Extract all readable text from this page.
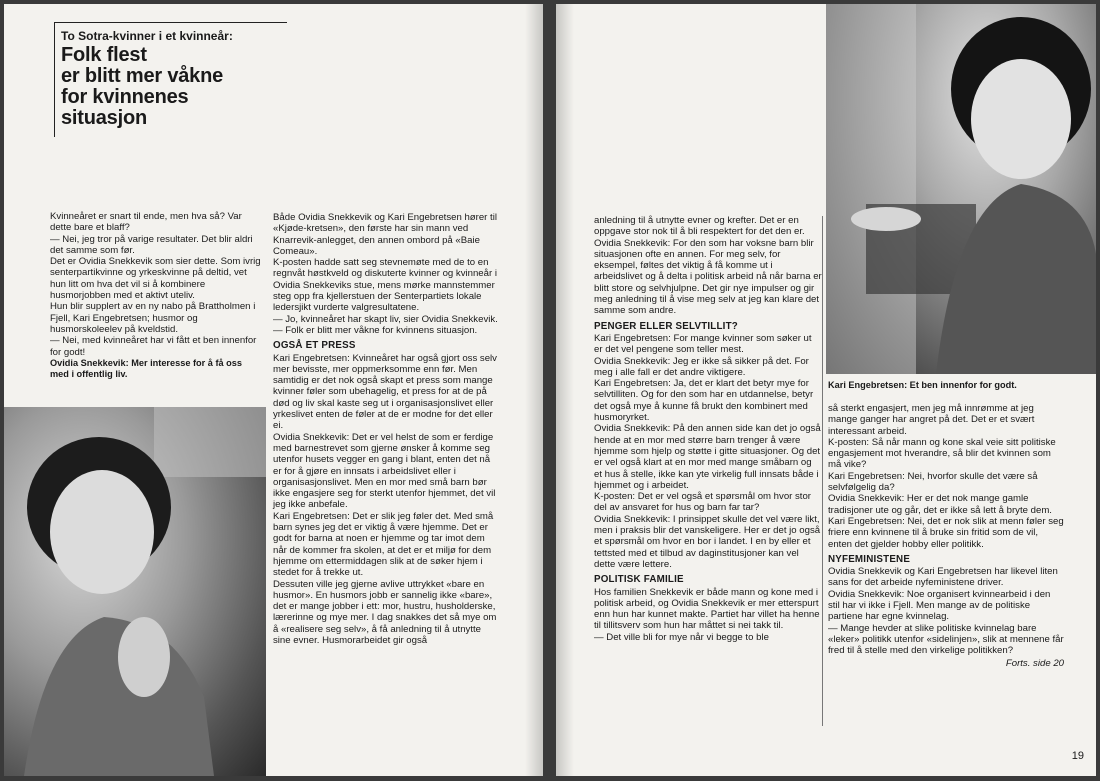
To Sotra-kvinner i et kvinneår:

Folk flest
er blitt mer våkne
for kvinnenes
situasjon

Kvinneåret er snart til ende, men hva så? Var dette bare et blaff?

— Nei, jeg tror på varige resultater. Det blir aldri det samme som før.

Det er Ovidia Snekkevik som sier dette. Som ivrig senterpartikvinne og yrkeskvinne på deltid, vet hun litt om hva det vil si å kombinere husmorjobben med et aktivt uteliv.

Hun blir supplert av en ny nabo på Brattholmen i Fjell, Kari Engebretsen; husmor og husmorskoleelev på kveldstid.

— Nei, med kvinneåret har vi fått et ben innenfor for godt!

Ovidia Snekkevik: Mer interesse for å få oss med i offentlig liv.

Både Ovidia Snekkevik og Kari Engebretsen hører til «Kjøde-kretsen», den første har sin mann ved Knarrevik-anlegget, den annen ombord på «Baie Comeau».

K-posten hadde satt seg stevnemøte med de to en regnvåt høstkveld og diskuterte kvinner og kvinneår i Ovidia Snekkeviks stue, mens mørke mannstemmer steg opp fra kjellerstuen der Senterpartiets lokale ledersjikt vurderte valgresultatene.

— Jo, kvinneåret har skapt liv, sier Ovidia Snekkevik. — Folk er blitt mer våkne for kvinnens situasjon.

OGSÅ ET PRESS

Kari Engebretsen: Kvinneåret har også gjort oss selv mer bevisste, mer oppmerksomme enn før. Men samtidig er det nok også skapt et press som mange kvinner føler som ubehagelig, et press for at de på død og liv skal kaste seg ut i organisasjonslivet eller yrkeslivet enten de føler at de er modne for det eller ei.

Ovidia Snekkevik: Det er vel helst de som er ferdige med barnestrevet som gjerne ønsker å komme seg utenfor husets vegger en gang i blant, enten det nå er for å gjøre en innsats i arbeidslivet eller i organisasjonslivet. Men en mor med små barn bør ikke engasjere seg for sterkt utenfor hjemmet, det vil jeg ikke anbefale.

Kari Engebretsen: Det er slik jeg føler det. Med små barn synes jeg det er viktig å være hjemme. Det er godt for barna at noen er hjemme og tar imot dem når de kommer fra skolen, at det er et miljø for dem hjemme om ettermiddagen slik at de søker hjem i stedet for å trekke ut.

Dessuten ville jeg gjerne avlive uttrykket «bare en husmor». En husmors jobb er sannelig ikke «bare», det er mange jobber i ett: mor, hustru, husholderske, lærerinne og mye mer. I dag snakkes det så mye om å «realisere seg selv», å få anledning til å utnytte sine evner. Husmorarbeidet gir også

anledning til å utnytte evner og krefter. Det er en oppgave stor nok til å bli respektert for det den er.

Ovidia Snekkevik: For den som har voksne barn blir situasjonen ofte en annen. For meg selv, for eksempel, føltes det viktig å få komme ut i arbeidslivet og å delta i politisk arbeid nå når barna er blitt store og selvhjulpne. Det gir nye impulser og gir meg anledning til å vise meg selv at jeg kan klare det samme som andre.

PENGER ELLER SELVTILLIT?

Kari Engebretsen: For mange kvinner som søker ut er det vel pengene som teller mest.

Ovidia Snekkevik: Jeg er ikke så sikker på det. For meg i alle fall er det andre viktigere.

Kari Engebretsen: Ja, det er klart det betyr mye for selvtilliten. Og for den som har en utdannelse, betyr det også mye å kunne få brukt den kombinert med husmoryrket.

Ovidia Snekkevik: På den annen side kan det jo også hende at en mor med større barn trenger å være hjemme som hjelp og støtte i gitte situasjoner. Og det er vel også klart at en mor med mange småbarn og et hus å stelle, ikke kan yte virkelig full innsats både i hjemmet og i arbeidet.

K-posten: Det er vel også et spørsmål om hvor stor del av ansvaret for hus og barn far tar?

Ovidia Snekkevik: I prinsippet skulle det vel være likt, men i praksis blir det vanskeligere. Her er det jo også et spørsmål om hvor en bor i landet. I en by eller et tettsted med et tilbud av daginstitusjoner kan vel dette være lettere.

POLITISK FAMILIE

Hos familien Snekkevik er både mann og kone med i politisk arbeid, og Ovidia Snekkevik er mer etterspurt enn hun har kunnet makte. Partiet har villet ha henne til tillitsverv som hun har måttet si nei takk til.

— Det ville bli for mye når vi begge to ble

Kari Engebretsen: Et ben innenfor for godt.

så sterkt engasjert, men jeg må innrømme at jeg mange ganger har angret på det. Det er et svært interessant arbeid.

K-posten: Så når mann og kone skal veie sitt politiske engasjement mot hverandre, så blir det kvinnen som må vike?

Kari Engebretsen: Nei, hvorfor skulle det være så selvfølgelig da?

Ovidia Snekkevik: Her er det nok mange gamle tradisjoner ute og går, det er ikke så lett å bryte dem.

Kari Engebretsen: Nei, det er nok slik at menn føler seg friere enn kvinnene til å bruke sin fritid som de vil, enten det gjelder hobby eller politikk.

NYFEMINISTENE

Ovidia Snekkevik og Kari Engebretsen har likevel liten sans for det arbeide nyfeministene driver.

Ovidia Snekkevik: Noe organisert kvinnearbeid i den stil har vi ikke i Fjell. Men mange av de politiske partiene har egne kvinnelag.

— Mange hevder at slike politiske kvinnelag bare «leker» politikk utenfor «sidelinjen», slik at mennene får fred til å stelle med den virkelige politikken?

Forts. side 20

19
